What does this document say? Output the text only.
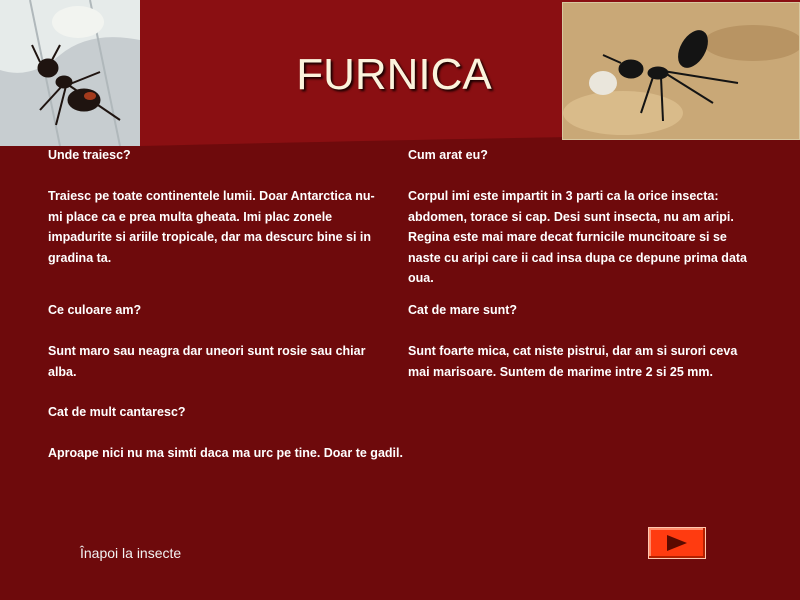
FURNICA

Unde traiesc?

Traiesc pe toate continentele lumii. Doar Antarctica nu-mi place ca e prea multa gheata. Imi plac zonele impadurite si ariile tropicale, dar ma descurc bine si in gradina ta.

Cum arat eu?

Corpul imi este impartit in 3 parti ca la orice insecta: abdomen, torace si cap. Desi sunt insecta, nu am aripi. Regina este mai mare decat furnicile muncitoare si se naste cu aripi care ii cad insa dupa ce depune prima data oua.

Ce culoare am?

Sunt maro sau neagra dar uneori sunt rosie sau chiar alba.

Cat de mare sunt?

Sunt foarte mica, cat niste pistrui, dar am si surori ceva mai marisoare. Suntem de marime intre 2 si 25 mm.

Cat de mult cantaresc?

Aproape nici nu ma simti daca ma urc pe tine. Doar te gadil.

Înapoi la insecte
